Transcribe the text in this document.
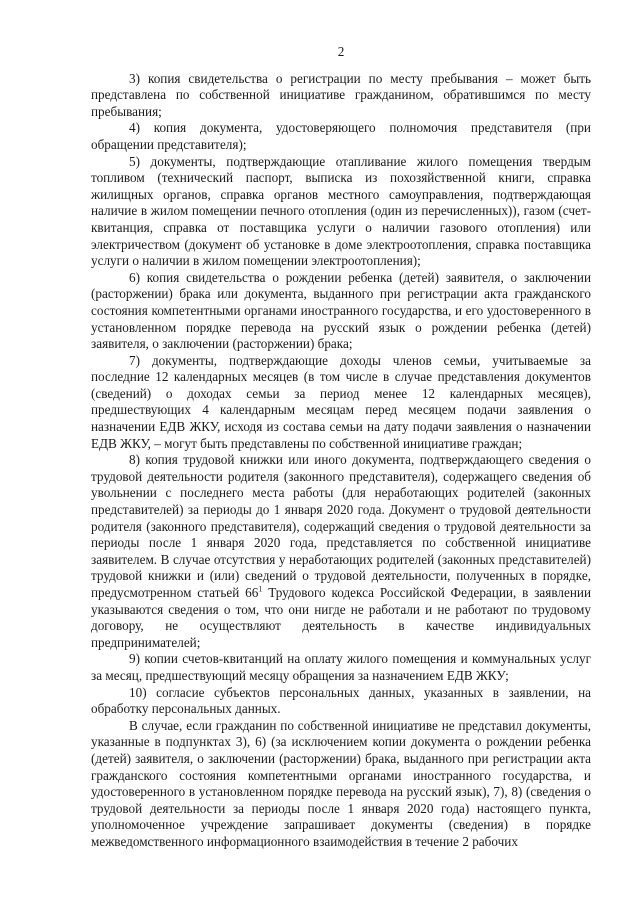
2

3) копия свидетельства о регистрации по месту пребывания – может быть представлена по собственной инициативе гражданином, обратившимся по месту пребывания;

4) копия документа, удостоверяющего полномочия представителя (при обращении представителя);

5) документы, подтверждающие отапливание жилого помещения твердым топливом (технический паспорт, выписка из похозяйственной книги, справка жилищных органов, справка органов местного самоуправления, подтверждающая наличие в жилом помещении печного отопления (один из перечисленных)), газом (счет-квитанция, справка от поставщика услуги о наличии газового отопления) или электричеством (документ об установке в доме электроотопления, справка поставщика услуги о наличии в жилом помещении электроотопления);

6) копия свидетельства о рождении ребенка (детей) заявителя, о заключении (расторжении) брака или документа, выданного при регистрации акта гражданского состояния компетентными органами иностранного государства, и его удостоверенного в установленном порядке перевода на русский язык о рождении ребенка (детей) заявителя, о заключении (расторжении) брака;

7) документы, подтверждающие доходы членов семьи, учитываемые за последние 12 календарных месяцев (в том числе в случае представления документов (сведений) о доходах семьи за период менее 12 календарных месяцев), предшествующих 4 календарным месяцам перед месяцем подачи заявления о назначении ЕДВ ЖКУ, исходя из состава семьи на дату подачи заявления о назначении ЕДВ ЖКУ, – могут быть представлены по собственной инициативе граждан;

8) копия трудовой книжки или иного документа, подтверждающего сведения о трудовой деятельности родителя (законного представителя), содержащего сведения об увольнении с последнего места работы (для неработающих родителей (законных представителей) за периоды до 1 января 2020 года. Документ о трудовой деятельности родителя (законного представителя), содержащий сведения о трудовой деятельности за периоды после 1 января 2020 года, представляется по собственной инициативе заявителем. В случае отсутствия у неработающих родителей (законных представителей) трудовой книжки и (или) сведений о трудовой деятельности, полученных в порядке, предусмотренном статьей $66^1$ Трудового кодекса Российской Федерации, в заявлении указываются сведения о том, что они нигде не работали и не работают по трудовому договору, не осуществляют деятельность в качестве индивидуальных предпринимателей;

9) копии счетов-квитанций на оплату жилого помещения и коммунальных услуг за месяц, предшествующий месяцу обращения за назначением ЕДВ ЖКУ;

10) согласие субъектов персональных данных, указанных в заявлении, на обработку персональных данных.

В случае, если гражданин по собственной инициативе не представил документы, указанные в подпунктах 3), 6) (за исключением копии документа о рождении ребенка (детей) заявителя, о заключении (расторжении) брака, выданного при регистрации акта гражданского состояния компетентными органами иностранного государства, и удостоверенного в установленном порядке перевода на русский язык), 7), 8) (сведения о трудовой деятельности за периоды после 1 января 2020 года) настоящего пункта, уполномоченное учреждение запрашивает документы (сведения) в порядке межведомственного информационного взаимодействия в течение 2 рабочих
